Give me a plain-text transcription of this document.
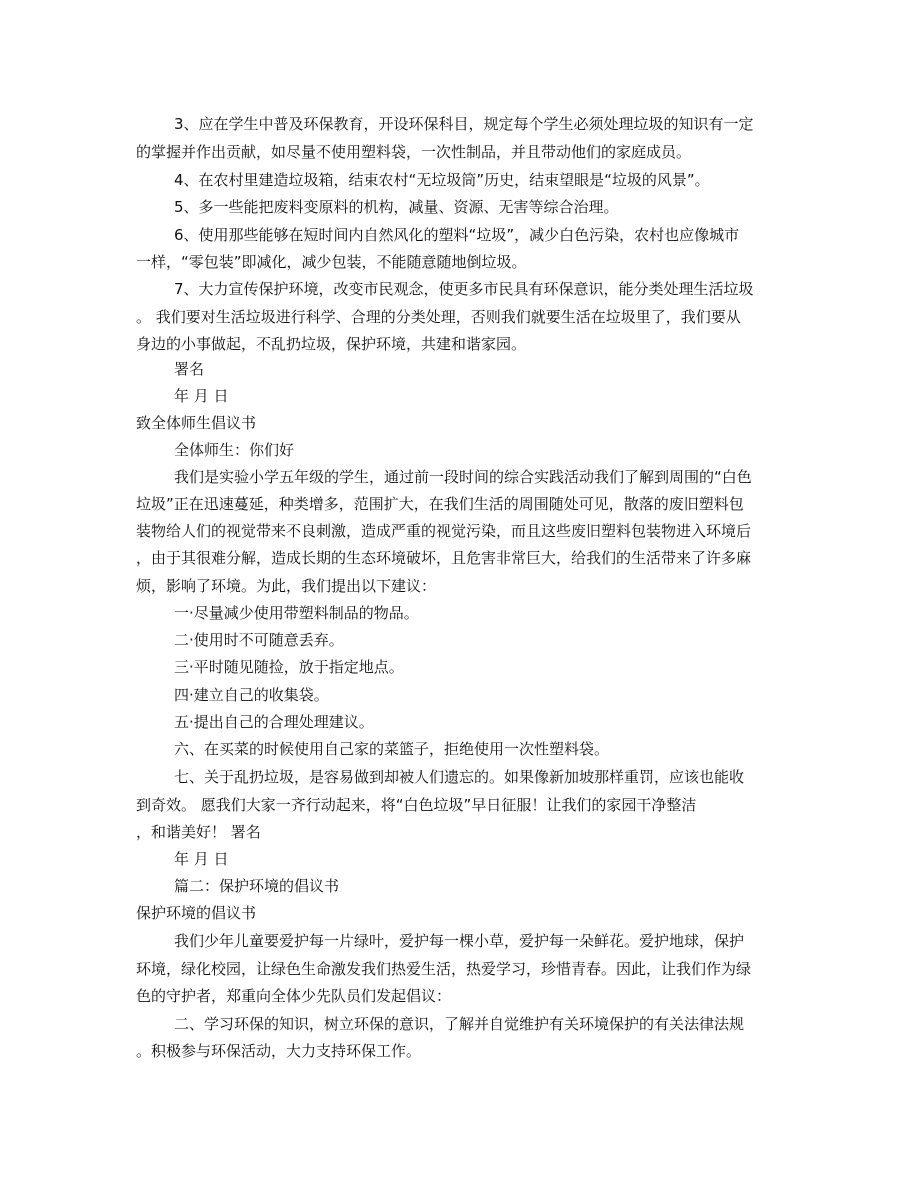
3、应在学生中普及环保教育，开设环保科目，规定每个学生必须处理垃圾的知识有一定
的掌握并作出贡献，如尽量不使用塑料袋，一次性制品，并且带动他们的家庭成员。
4、在农村里建造垃圾箱，结束农村“无垃圾筒”历史，结束望眼是“垃圾的风景”。
5、多一些能把废料变原料的机构，减量、资源、无害等综合治理。
6、使用那些能够在短时间内自然风化的塑料“垃圾”，减少白色污染，农村也应像城市
一样，“零包装”即减化，减少包装，不能随意随地倒垃圾。
7、大力宣传保护环境，改变市民观念，使更多市民具有环保意识，能分类处理生活垃圾
。 我们要对生活垃圾进行科学、合理的分类处理，否则我们就要生活在垃圾里了，我们要从
身边的小事做起，不乱扔垃圾，保护环境，共建和谐家园。
署名
年 月 日
致全体师生倡议书
全体师生：你们好
我们是实验小学五年级的学生，通过前一段时间的综合实践活动我们了解到周围的“白色
垃圾”正在迅速蔓延，种类增多，范围扩大，在我们生活的周围随处可见，散落的废旧塑料包
装物给人们的视觉带来不良刺激，造成严重的视觉污染，而且这些废旧塑料包装物进入环境后
，由于其很难分解，造成长期的生态环境破坏，且危害非常巨大，给我们的生活带来了许多麻
烦，影响了环境。为此，我们提出以下建议：
一·尽量减少使用带塑料制品的物品。
二·使用时不可随意丢弃。
三·平时随见随捡，放于指定地点。
四·建立自己的收集袋。
五·提出自己的合理处理建议。
六、在买菜的时候使用自己家的菜篮子，拒绝使用一次性塑料袋。
七、关于乱扔垃圾，是容易做到却被人们遗忘的。如果像新加坡那样重罚，应该也能收
到奇效。 愿我们大家一齐行动起来，将“白色垃圾”早日征服！让我们的家园干净整洁
，和谐美好！ 署名
年 月 日
篇二：保护环境的倡议书
保护环境的倡议书
我们少年儿童要爱护每一片绿叶，爱护每一棵小草，爱护每一朵鲜花。爱护地球，保护
环境，绿化校园，让绿色生命激发我们热爱生活，热爱学习，珍惜青春。因此，让我们作为绿
色的守护者，郑重向全体少先队员们发起倡议：
二、学习环保的知识，树立环保的意识，了解并自觉维护有关环境保护的有关法律法规
。积极参与环保活动，大力支持环保工作。
